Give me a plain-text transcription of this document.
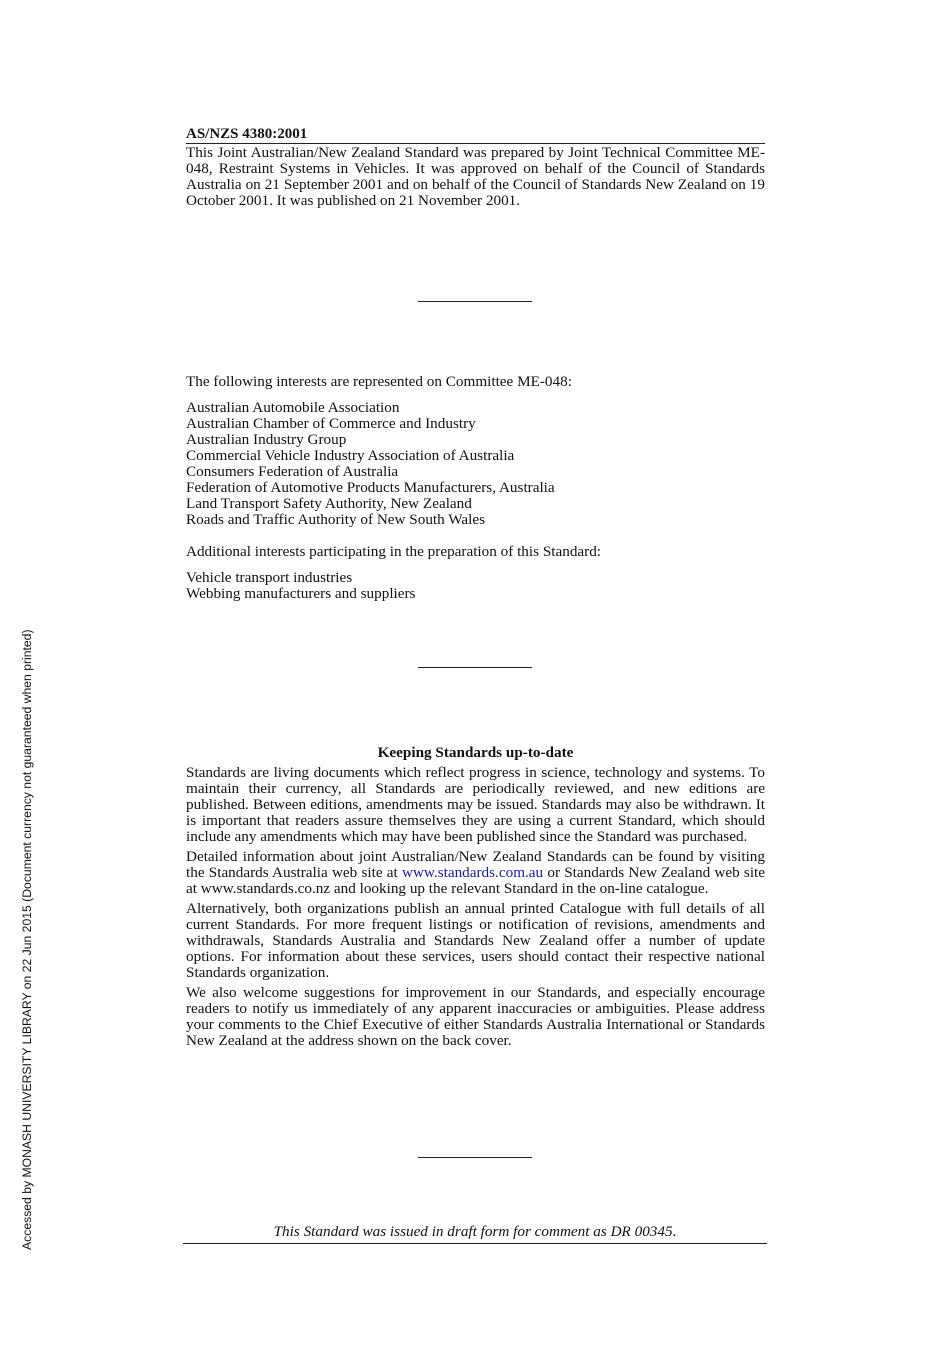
AS/NZS 4380:2001

This Joint Australian/New Zealand Standard was prepared by Joint Technical Committee ME-048, Restraint Systems in Vehicles. It was approved on behalf of the Council of Standards Australia on 21 September 2001 and on behalf of the Council of Standards New Zealand on 19 October 2001. It was published on 21 November 2001.

The following interests are represented on Committee ME-048:

Australian Automobile Association
Australian Chamber of Commerce and Industry
Australian Industry Group
Commercial Vehicle Industry Association of Australia
Consumers Federation of Australia
Federation of Automotive Products Manufacturers, Australia
Land Transport Safety Authority, New Zealand
Roads and Traffic Authority of New South Wales

Additional interests participating in the preparation of this Standard:

Vehicle transport industries
Webbing manufacturers and suppliers

Keeping Standards up-to-date

Standards are living documents which reflect progress in science, technology and systems. To maintain their currency, all Standards are periodically reviewed, and new editions are published. Between editions, amendments may be issued. Standards may also be withdrawn. It is important that readers assure themselves they are using a current Standard, which should include any amendments which may have been published since the Standard was purchased.

Detailed information about joint Australian/New Zealand Standards can be found by visiting the Standards Australia web site at www.standards.com.au or Standards New Zealand web site at www.standards.co.nz and looking up the relevant Standard in the on-line catalogue.

Alternatively, both organizations publish an annual printed Catalogue with full details of all current Standards. For more frequent listings or notification of revisions, amendments and withdrawals, Standards Australia and Standards New Zealand offer a number of update options. For information about these services, users should contact their respective national Standards organization.

We also welcome suggestions for improvement in our Standards, and especially encourage readers to notify us immediately of any apparent inaccuracies or ambiguities. Please address your comments to the Chief Executive of either Standards Australia International or Standards New Zealand at the address shown on the back cover.

This Standard was issued in draft form for comment as DR 00345.
Accessed by MONASH UNIVERSITY LIBRARY on 22 Jun 2015 (Document currency not guaranteed when printed)
